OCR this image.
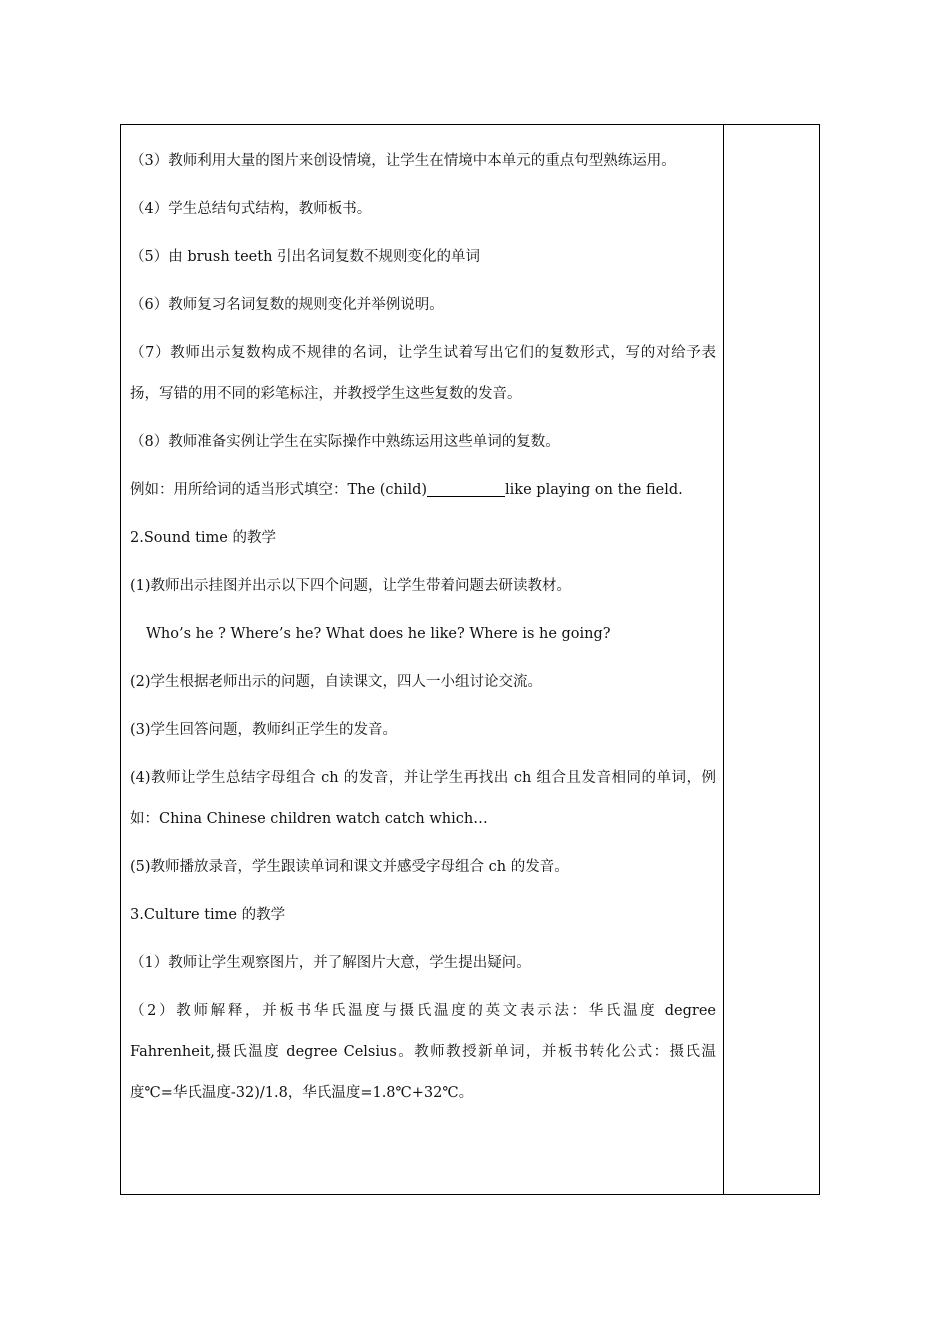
（3）教师利用大量的图片来创设情境，让学生在情境中本单元的重点句型熟练运用。

（4）学生总结句式结构，教师板书。

（5）由 brush teeth 引出名词复数不规则变化的单词

（6）教师复习名词复数的规则变化并举例说明。

（7）教师出示复数构成不规律的名词，让学生试着写出它们的复数形式，写的对给予表扬，写错的用不同的彩笔标注，并教授学生这些复数的发音。

（8）教师准备实例让学生在实际操作中熟练运用这些单词的复数。

例如：用所给词的适当形式填空：The (child)	like playing on the field.

2.Sound time 的教学

(1)教师出示挂图并出示以下四个问题，让学生带着问题去研读教材。

Who’s he ? Where’s he? What does he like? Where is he going?

(2)学生根据老师出示的问题，自读课文，四人一小组讨论交流。

(3)学生回答问题，教师纠正学生的发音。

(4)教师让学生总结字母组合 ch 的发音，并让学生再找出 ch 组合且发音相同的单词，例如：China Chinese children watch catch which…

(5)教师播放录音，学生跟读单词和课文并感受字母组合 ch 的发音。

3.Culture time 的教学

（1）教师让学生观察图片，并了解图片大意，学生提出疑问。

（2）教师解释，并板书华氏温度与摄氏温度的英文表示法：华氏温度 degree Fahrenheit,摄氏温度 degree Celsius。教师教授新单词，并板书转化公式：摄氏温度℃=华氏温度-32)/1.8，华氏温度=1.8℃+32℃。
